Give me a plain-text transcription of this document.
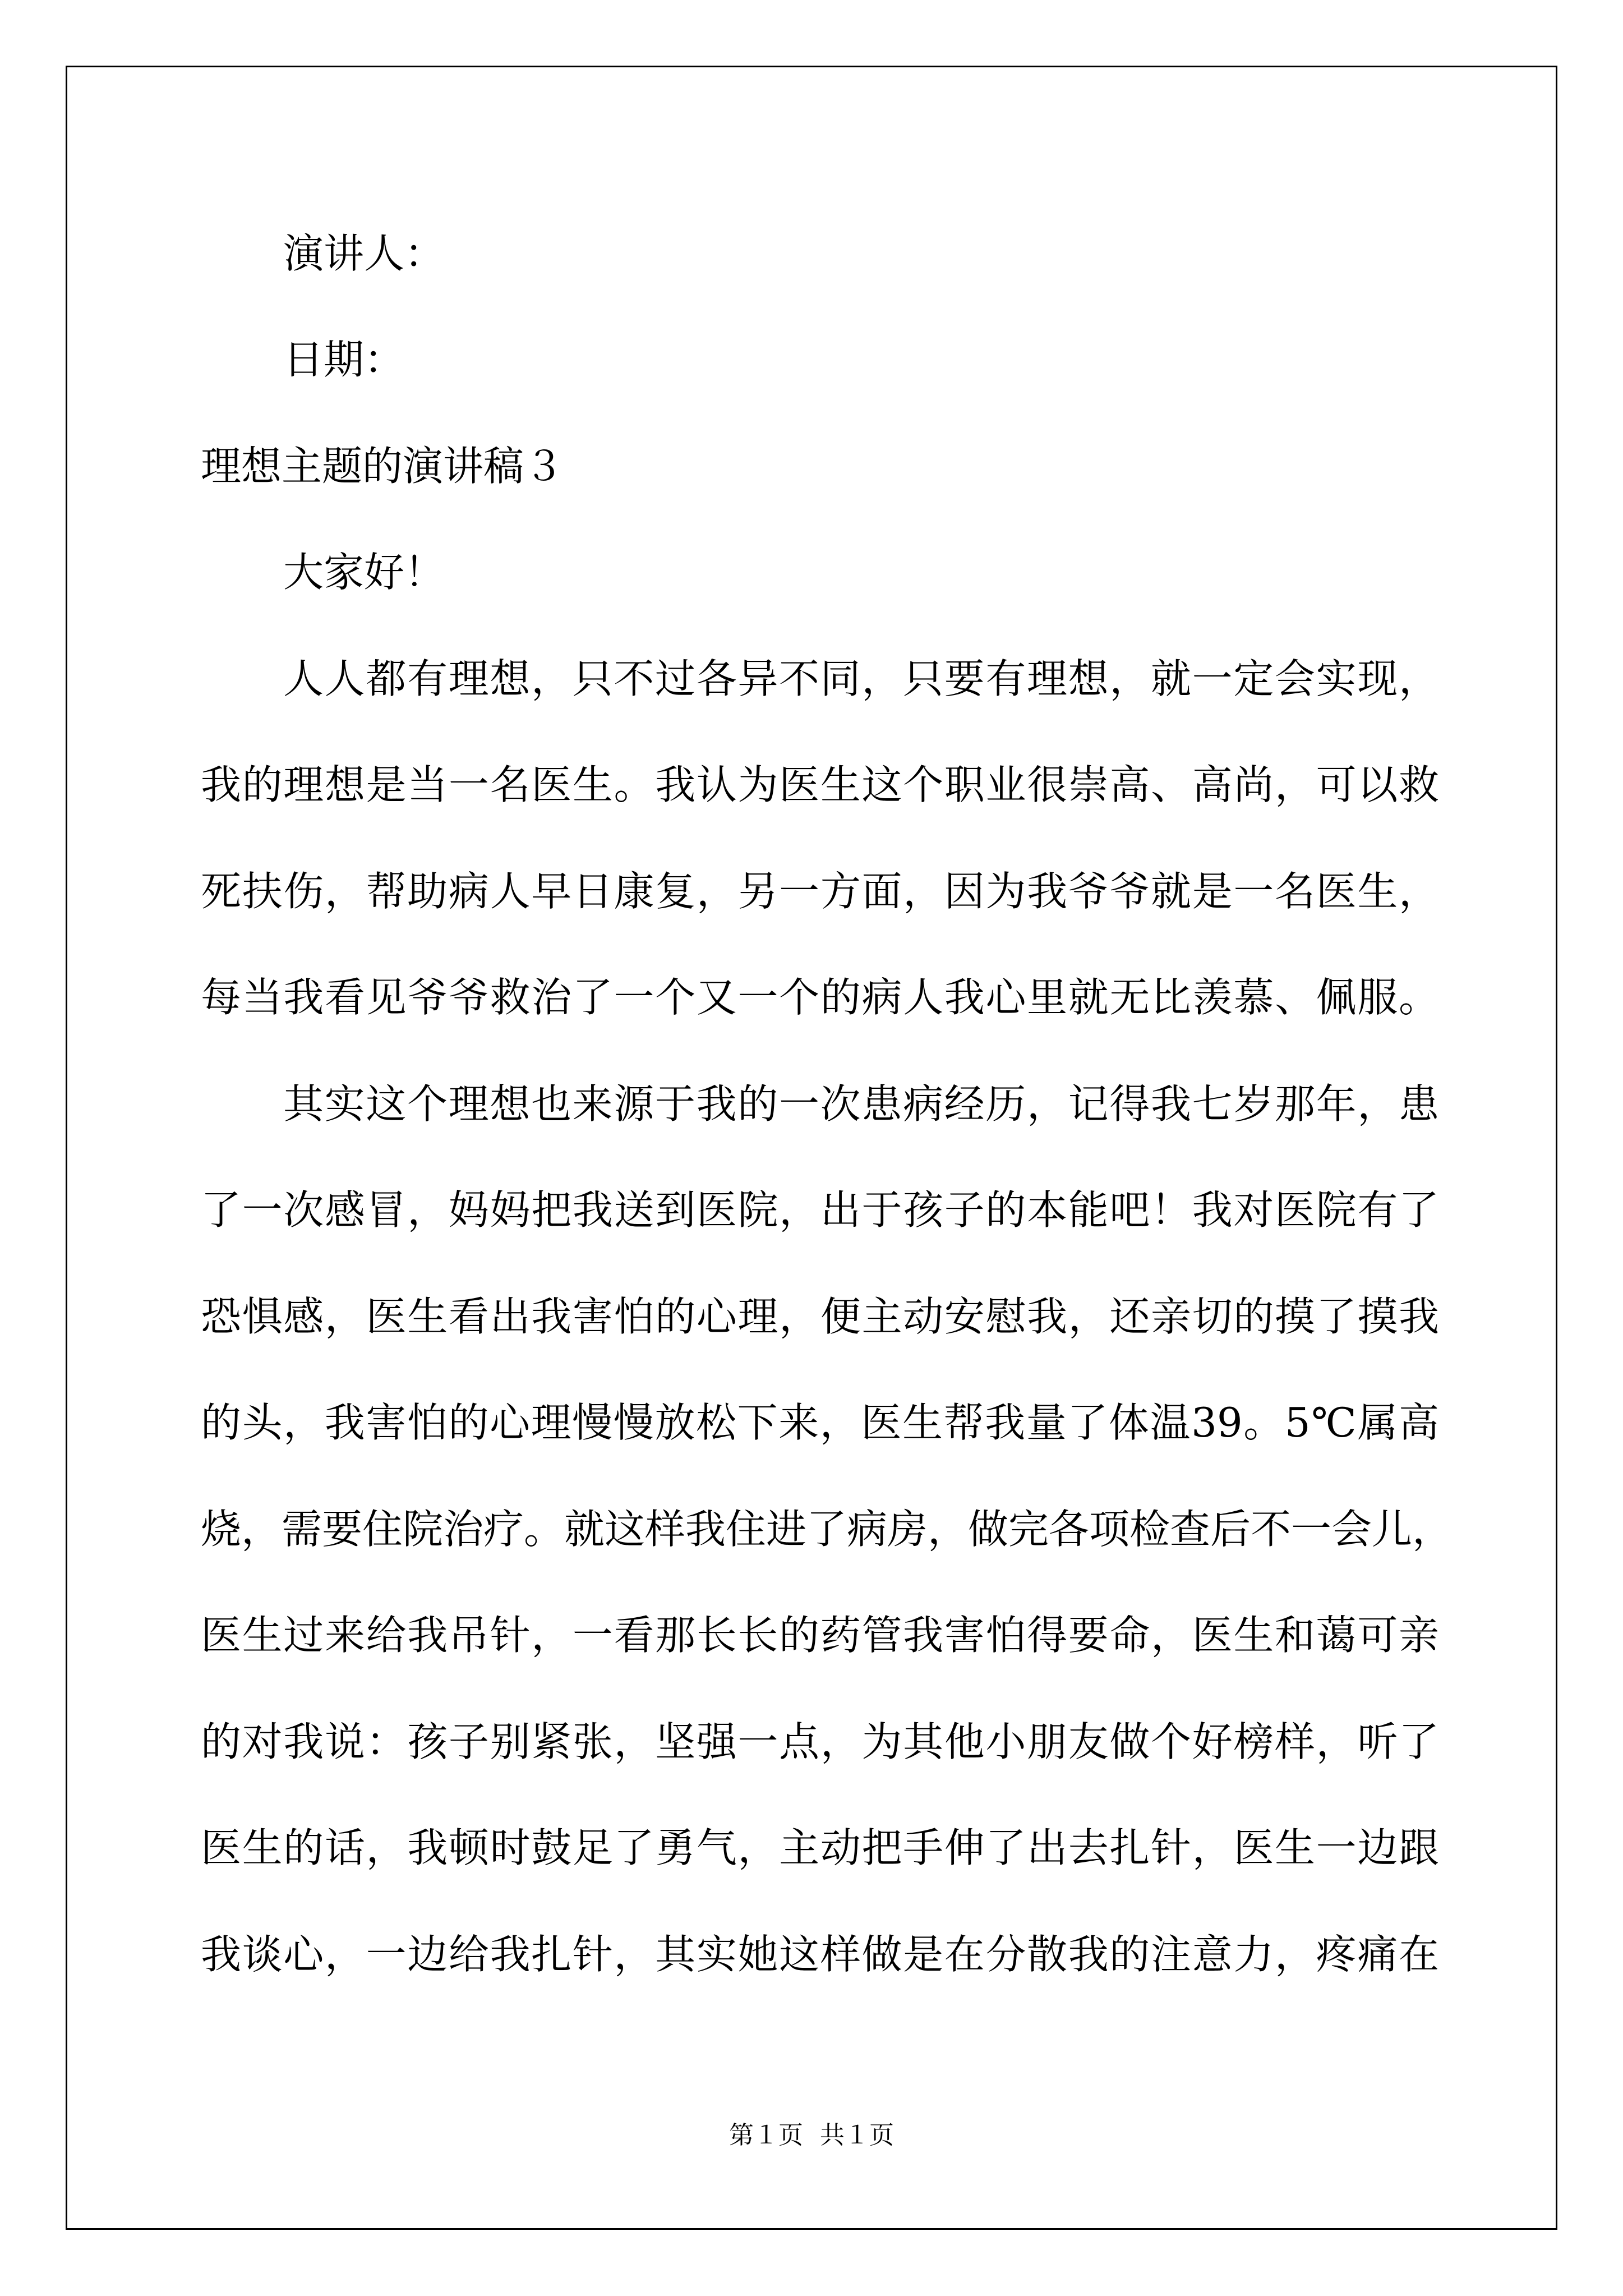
演讲人：

日期：

理想主题的演讲稿３

大家好！

人人都有理想，只不过各异不同，只要有理想，就一定会实现，

我的理想是当一名医生。我认为医生这个职业很崇高、高尚，可以救

死扶伤，帮助病人早日康复，另一方面，因为我爷爷就是一名医生，

每当我看见爷爷救治了一个又一个的病人我心里就无比羡慕、佩服。

其实这个理想也来源于我的一次患病经历，记得我七岁那年，患

了一次感冒，妈妈把我送到医院，出于孩子的本能吧！我对医院有了

恐惧感，医生看出我害怕的心理，便主动安慰我，还亲切的摸了摸我

的头，我害怕的心理慢慢放松下来，医生帮我量了体温39。5℃属高

烧，需要住院治疗。就这样我住进了病房，做完各项检查后不一会儿，

医生过来给我吊针，一看那长长的药管我害怕得要命，医生和蔼可亲

的对我说：孩子别紧张，坚强一点，为其他小朋友做个好榜样，听了

医生的话，我顿时鼓足了勇气，主动把手伸了出去扎针，医生一边跟

我谈心，一边给我扎针，其实她这样做是在分散我的注意力，疼痛在

第１页 共１页
